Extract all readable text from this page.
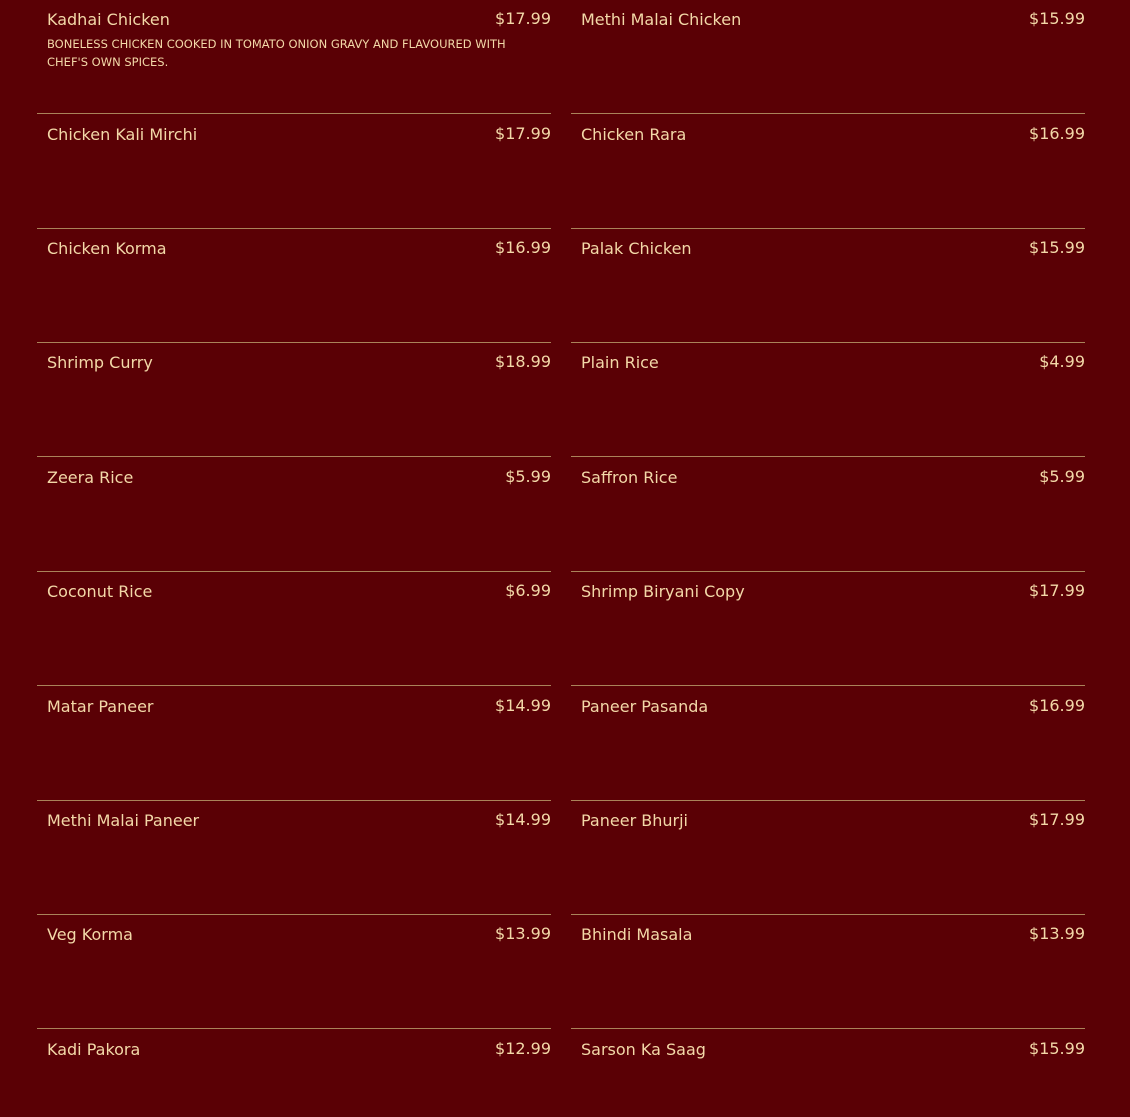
Kadhai Chicken	$17.99
BONELESS CHICKEN COOKED IN TOMATO ONION GRAVY AND FLAVOURED WITH CHEF'S OWN SPICES.
Methi Malai Chicken	$15.99
Chicken Kali Mirchi	$17.99 Chicken Rara	$16.99
Chicken Korma	$16.99 Palak Chicken	$15.99
Shrimp Curry	$18.99 Plain Rice	$4.99
Zeera Rice	$5.99 Saffron Rice	$5.99
Coconut Rice	$6.99 Shrimp Biryani Copy	$17.99
Matar Paneer	$14.99 Paneer Pasanda	$16.99
Methi Malai Paneer	$14.99 Paneer Bhurji	$17.99
Veg Korma	$13.99 Bhindi Masala	$13.99
Kadi Pakora	$12.99 Sarson Ka Saag	$15.99
